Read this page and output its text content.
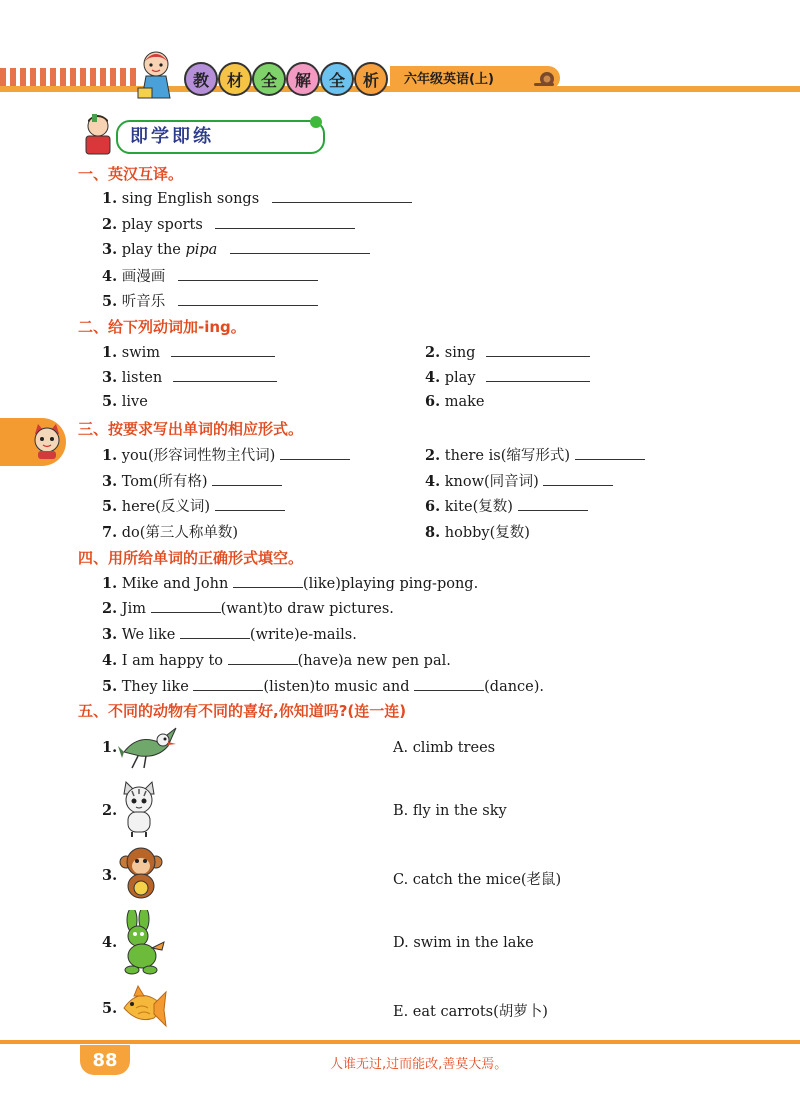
教	材	全	解	全	析	六年级英语(上)
即学即练
一、英汉互译。
1. sing English songs
2. play sports
3. play the pipa
4. 画漫画
5. 听音乐
二、给下列动词加-ing。
1. swim	2. sing
3. listen	4. play
5. live	6. make
三、按要求写出单词的相应形式。
1. you(形容词性物主代词)	2. there is(缩写形式)
3. Tom(所有格)	4. know(同音词)
5. here(反义词)	6. kite(复数)
7. do(第三人称单数)	8. hobby(复数)
四、用所给单词的正确形式填空。
1. Mike and John	(like)playing ping-pong.
2. Jim	(want)to draw pictures.
3. We like	(write)e-mails.
4. I am happy to	(have)a new pen pal.
5. They like	(listen)to music and	(dance).
五、不同的动物有不同的喜好,你知道吗?(连一连)
1.	A. climb trees
2.	B. fly in the sky
3.	C. catch the mice(老鼠)
4.	D. swim in the lake
5.	E. eat carrots(胡萝卜)
88	人谁无过,过而能改,善莫大焉。
